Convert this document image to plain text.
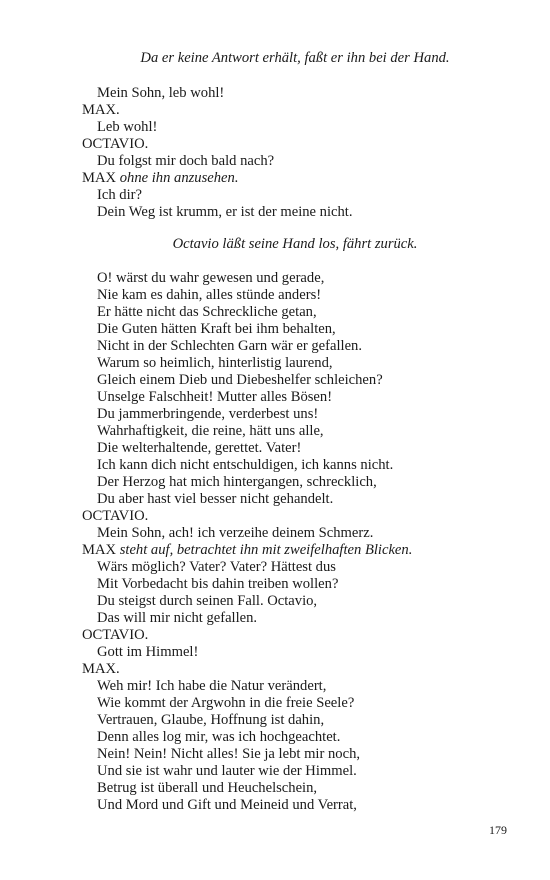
Da er keine Antwort erhält, faßt er ihn bei der Hand.
Mein Sohn, leb wohl!
MAX.
Leb wohl!
OCTAVIO.
Du folgst mir doch bald nach?
MAX ohne ihn anzusehen.
Ich dir?
Dein Weg ist krumm, er ist der meine nicht.
Octavio läßt seine Hand los, fährt zurück.
O! wärst du wahr gewesen und gerade,
Nie kam es dahin, alles stünde anders!
Er hätte nicht das Schreckliche getan,
Die Guten hätten Kraft bei ihm behalten,
Nicht in der Schlechten Garn wär er gefallen.
Warum so heimlich, hinterlistig laurend,
Gleich einem Dieb und Diebeshelfer schleichen?
Unselge Falschheit! Mutter alles Bösen!
Du jammerbringende, verderbest uns!
Wahrhaftigkeit, die reine, hätt uns alle,
Die welterhaltende, gerettet. Vater!
Ich kann dich nicht entschuldigen, ich kanns nicht.
Der Herzog hat mich hintergangen, schrecklich,
Du aber hast viel besser nicht gehandelt.
OCTAVIO.
Mein Sohn, ach! ich verzeihe deinem Schmerz.
MAX steht auf, betrachtet ihn mit zweifelhaften Blicken.
Wärs möglich? Vater? Vater? Hättest dus
Mit Vorbedacht bis dahin treiben wollen?
Du steigst durch seinen Fall. Octavio,
Das will mir nicht gefallen.
OCTAVIO.
Gott im Himmel!
MAX.
Weh mir! Ich habe die Natur verändert,
Wie kommt der Argwohn in die freie Seele?
Vertrauen, Glaube, Hoffnung ist dahin,
Denn alles log mir, was ich hochgeachtet.
Nein! Nein! Nicht alles! Sie ja lebt mir noch,
Und sie ist wahr und lauter wie der Himmel.
Betrug ist überall und Heuchelschein,
Und Mord und Gift und Meineid und Verrat,
179
